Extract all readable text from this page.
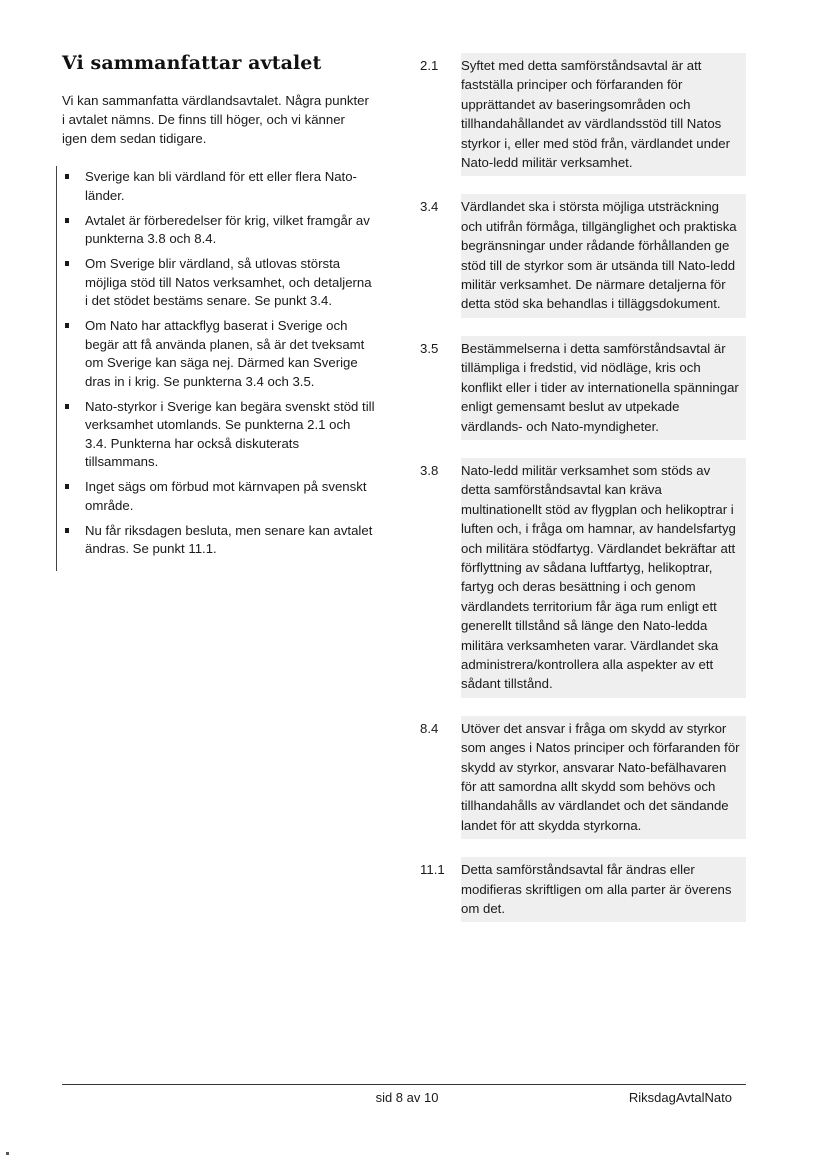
Vi sammanfattar avtalet

Vi kan sammanfatta värdlandsavtalet. Några punkter i avtalet nämns. De finns till höger, och vi känner igen dem sedan tidigare.

Sverige kan bli värdland för ett eller flera Nato-länder.
Avtalet är förberedelser för krig, vilket framgår av punkterna 3.8 och 8.4.
Om Sverige blir värdland, så utlovas största möjliga stöd till Natos verksamhet, och detaljerna i det stödet bestäms senare. Se punkt 3.4.
Om Nato har attackflyg baserat i Sverige och begär att få använda planen, så är det tveksamt om Sverige kan säga nej. Därmed kan Sverige dras in i krig. Se punkterna 3.4 och 3.5.
Nato-styrkor i Sverige kan begära svenskt stöd till verksamhet utomlands. Se punkterna 2.1 och 3.4. Punkterna har också diskuterats tillsammans.
Inget sägs om förbud mot kärnvapen på svenskt område.
Nu får riksdagen besluta, men senare kan avtalet ändras. Se punkt 11.1.
2.1	Syftet med detta samförståndsavtal är att fastställa principer och förfaranden för upprättandet av baseringsområden och tillhandahållandet av värdlandsstöd till Natos styrkor i, eller med stöd från, värdlandet under Nato-ledd militär verksamhet.
3.4	Värdlandet ska i största möjliga utsträckning och utifrån förmåga, tillgänglighet och praktiska begränsningar under rådande förhållanden ge stöd till de styrkor som är utsända till Nato-ledd militär verksamhet. De närmare detaljerna för detta stöd ska behandlas i tilläggsdokument.
3.5	Bestämmelserna i detta samförståndsavtal är tillämpliga i fredstid, vid nödläge, kris och konflikt eller i tider av internationella spänningar enligt gemensamt beslut av utpekade värdlands- och Nato-myndigheter.
3.8	Nato-ledd militär verksamhet som stöds av detta samförståndsavtal kan kräva multinationellt stöd av flygplan och helikoptrar i luften och, i fråga om hamnar, av handelsfartyg och militära stödfartyg. Värdlandet bekräftar att förflyttning av sådana luftfartyg, helikoptrar, fartyg och deras besättning i och genom värdlandets territorium får äga rum enligt ett generellt tillstånd så länge den Nato-ledda militära verksamheten varar. Värdlandet ska administrera/kontrollera alla aspekter av ett sådant tillstånd.
8.4	Utöver det ansvar i fråga om skydd av styrkor som anges i Natos principer och förfaranden för skydd av styrkor, ansvarar Nato-befälhavaren för att samordna allt skydd som behövs och tillhandahålls av värdlandet och det sändande landet för att skydda styrkorna.
11.1	Detta samförståndsavtal får ändras eller modifieras skriftligen om alla parter är överens om det.
sid 8 av 10	RiksdagAvtalNato
